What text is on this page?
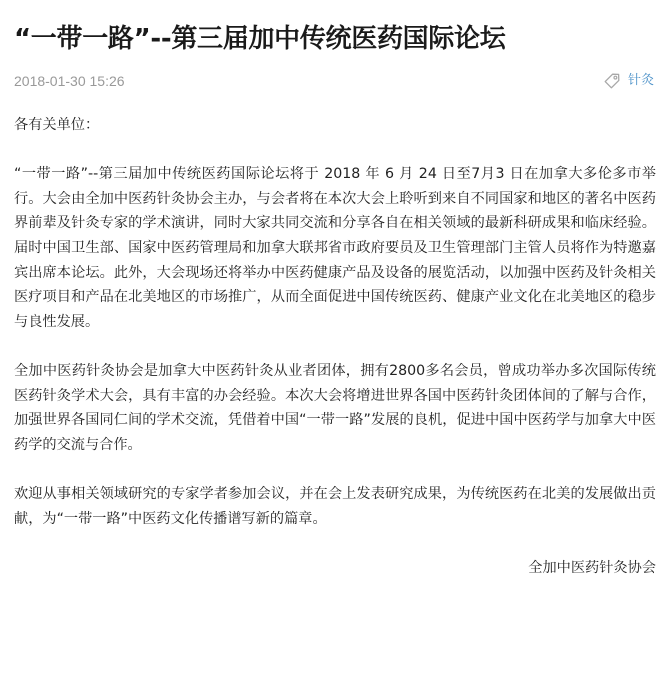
“一带一路”--第三届加中传统医药国际论坛
2018-01-30 15:26	针灸

各有关单位：

“一带一路”--第三届加中传统医药国际论坛将于 2018 年 6 月 24 日至7月3 日在加拿大多伦多市举行。大会由全加中医药针灸协会主办，与会者将在本次大会上聆听到来自不同国家和地区的著名中医药界前辈及针灸专家的学术演讲，同时大家共同交流和分享各自在相关领域的最新科研成果和临床经验。届时中国卫生部、国家中医药管理局和加拿大联邦省市政府要员及卫生管理部门主管人员将作为特邀嘉宾出席本论坛。此外，大会现场还将举办中医药健康产品及设备的展览活动，以加强中医药及针灸相关医疗项目和产品在北美地区的市场推广，从而全面促进中国传统医药、健康产业文化在北美地区的稳步与良性发展。

全加中医药针灸协会是加拿大中医药针灸从业者团体，拥有2800多名会员，曾成功举办多次国际传统医药针灸学术大会，具有丰富的办会经验。本次大会将增进世界各国中医药针灸团体间的了解与合作，加强世界各国同仁间的学术交流，凭借着中国“一带一路”发展的良机，促进中国中医药学与加拿大中医药学的交流与合作。

欢迎从事相关领域研究的专家学者参加会议，并在会上发表研究成果，为传统医药在北美的发展做出贡献，为“一带一路”中医药文化传播谱写新的篇章。

全加中医药针灸协会
